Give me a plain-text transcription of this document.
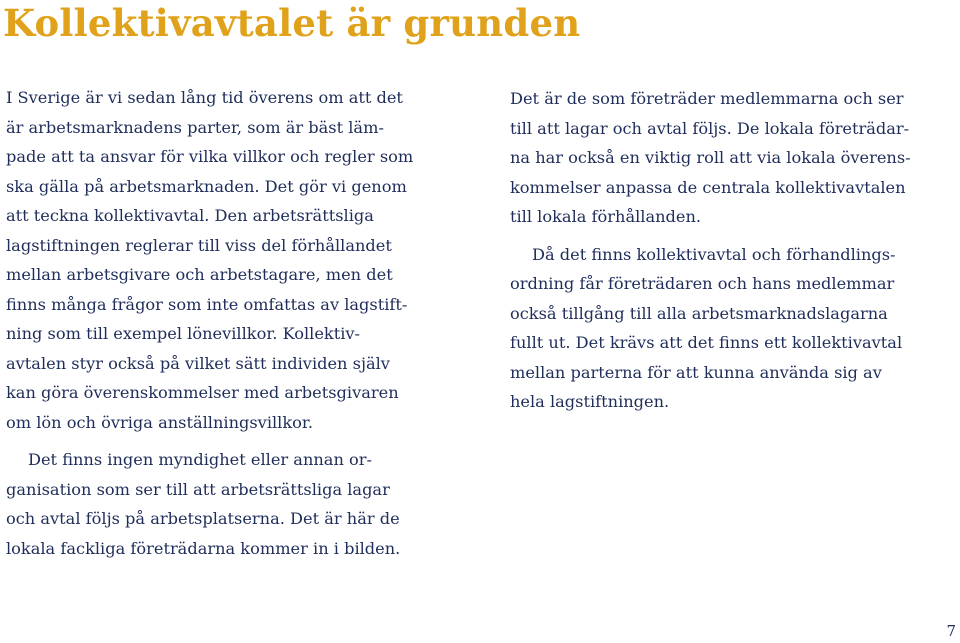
Kollektivavtalet är grunden

I Sverige är vi sedan lång tid överens om att det
är arbetsmarknadens parter, som är bäst läm-
pade att ta ansvar för vilka villkor och regler som
ska gälla på arbetsmarknaden. Det gör vi genom
att teckna kollektivavtal. Den arbetsrättsliga
lagstiftningen reglerar till viss del förhållandet
mellan arbetsgivare och arbetstagare, men det
finns många frågor som inte omfattas av lagstift-
ning som till exempel lönevillkor. Kollektiv-
avtalen styr också på vilket sätt individen själv
kan göra överenskommelser med arbetsgivaren
om lön och övriga anställningsvillkor.

Det finns ingen myndighet eller annan or-
ganisation som ser till att arbetsrättsliga lagar
och avtal följs på arbetsplatserna. Det är här de
lokala fackliga företrädarna kommer in i bilden.

Det är de som företräder medlemmarna och ser
till att lagar och avtal följs. De lokala företrädar-
na har också en viktig roll att via lokala överens-
kommelser anpassa de centrala kollektivavtalen
till lokala förhållanden.

Då det finns kollektivavtal och förhandlings-
ordning får företrädaren och hans medlemmar
också tillgång till alla arbetsmarknadslagarna
fullt ut. Det krävs att det finns ett kollektivavtal
mellan parterna för att kunna använda sig av
hela lagstiftningen.

7
